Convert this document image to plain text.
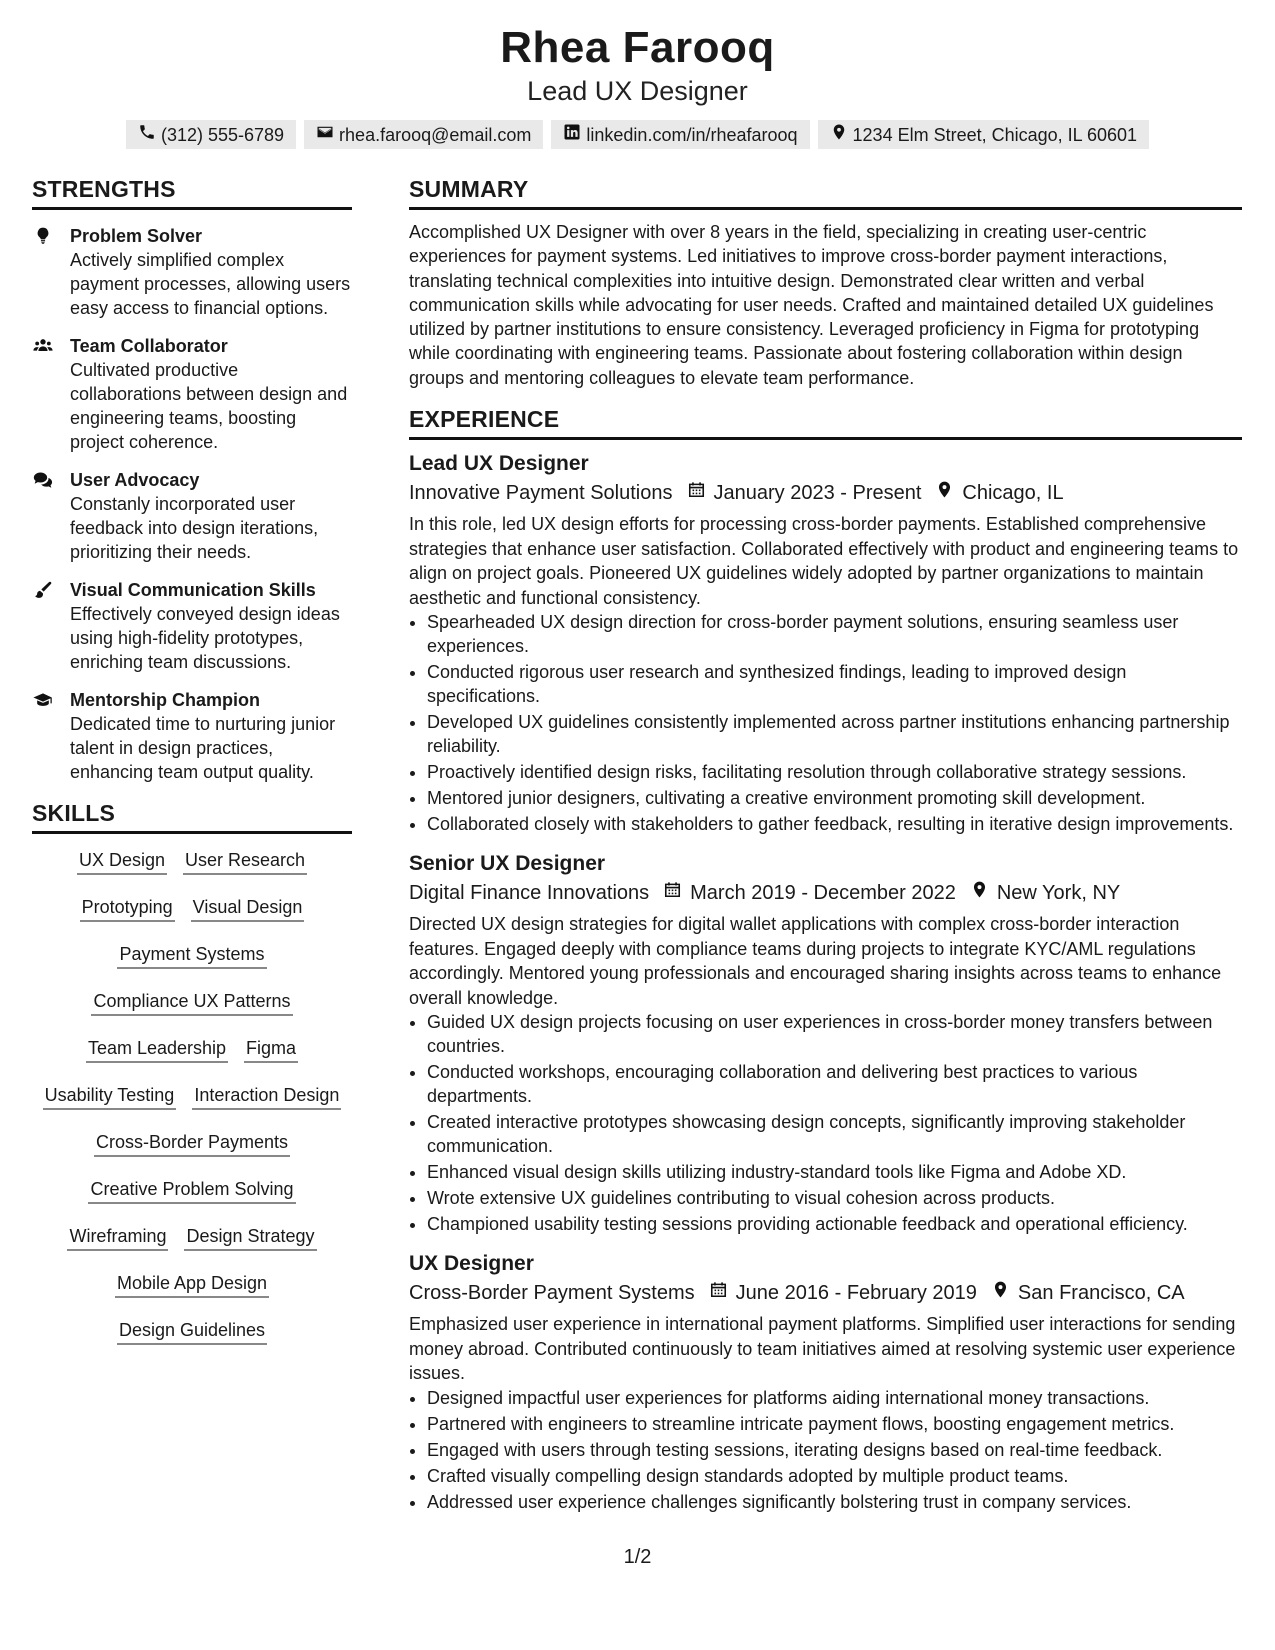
Rhea Farooq
Lead UX Designer
(312) 555-6789	rhea.farooq@email.com	linkedin.com/in/rheafarooq	1234 Elm Street, Chicago, IL 60601
STRENGTHS
Problem Solver
Actively simplified complex payment processes, allowing users easy access to financial options.
Team Collaborator
Cultivated productive collaborations between design and engineering teams, boosting project coherence.
User Advocacy
Constanly incorporated user feedback into design iterations, prioritizing their needs.
Visual Communication Skills
Effectively conveyed design ideas using high-fidelity prototypes, enriching team discussions.
Mentorship Champion
Dedicated time to nurturing junior talent in design practices, enhancing team output quality.
SKILLS
UX Design User Research
Prototyping Visual Design
Payment Systems
Compliance UX Patterns
Team Leadership Figma
Usability Testing Interaction Design
Cross-Border Payments
Creative Problem Solving
Wireframing Design Strategy
Mobile App Design
Design Guidelines
SUMMARY
Accomplished UX Designer with over 8 years in the field, specializing in creating user-centric experiences for payment systems. Led initiatives to improve cross-border payment interactions, translating technical complexities into intuitive design. Demonstrated clear written and verbal communication skills while advocating for user needs. Crafted and maintained detailed UX guidelines utilized by partner institutions to ensure consistency. Leveraged proficiency in Figma for prototyping while coordinating with engineering teams. Passionate about fostering collaboration within design groups and mentoring colleagues to elevate team performance.
EXPERIENCE
Lead UX Designer
Innovative Payment Solutions January 2023 - Present Chicago, IL
In this role, led UX design efforts for processing cross-border payments. Established comprehensive strategies that enhance user satisfaction. Collaborated effectively with product and engineering teams to align on project goals. Pioneered UX guidelines widely adopted by partner organizations to maintain aesthetic and functional consistency.
• Spearheaded UX design direction for cross-border payment solutions, ensuring seamless user experiences.
• Conducted rigorous user research and synthesized findings, leading to improved design specifications.
• Developed UX guidelines consistently implemented across partner institutions enhancing partnership reliability.
• Proactively identified design risks, facilitating resolution through collaborative strategy sessions.
• Mentored junior designers, cultivating a creative environment promoting skill development.
• Collaborated closely with stakeholders to gather feedback, resulting in iterative design improvements.
Senior UX Designer
Digital Finance Innovations March 2019 - December 2022 New York, NY
Directed UX design strategies for digital wallet applications with complex cross-border interaction features. Engaged deeply with compliance teams during projects to integrate KYC/AML regulations accordingly. Mentored young professionals and encouraged sharing insights across teams to enhance overall knowledge.
• Guided UX design projects focusing on user experiences in cross-border money transfers between countries.
• Conducted workshops, encouraging collaboration and delivering best practices to various departments.
• Created interactive prototypes showcasing design concepts, significantly improving stakeholder communication.
• Enhanced visual design skills utilizing industry-standard tools like Figma and Adobe XD.
• Wrote extensive UX guidelines contributing to visual cohesion across products.
• Championed usability testing sessions providing actionable feedback and operational efficiency.
UX Designer
Cross-Border Payment Systems June 2016 - February 2019 San Francisco, CA
Emphasized user experience in international payment platforms. Simplified user interactions for sending money abroad. Contributed continuously to team initiatives aimed at resolving systemic user experience issues.
• Designed impactful user experiences for platforms aiding international money transactions.
• Partnered with engineers to streamline intricate payment flows, boosting engagement metrics.
• Engaged with users through testing sessions, iterating designs based on real-time feedback.
• Crafted visually compelling design standards adopted by multiple product teams.
• Addressed user experience challenges significantly bolstering trust in company services.
1/2
